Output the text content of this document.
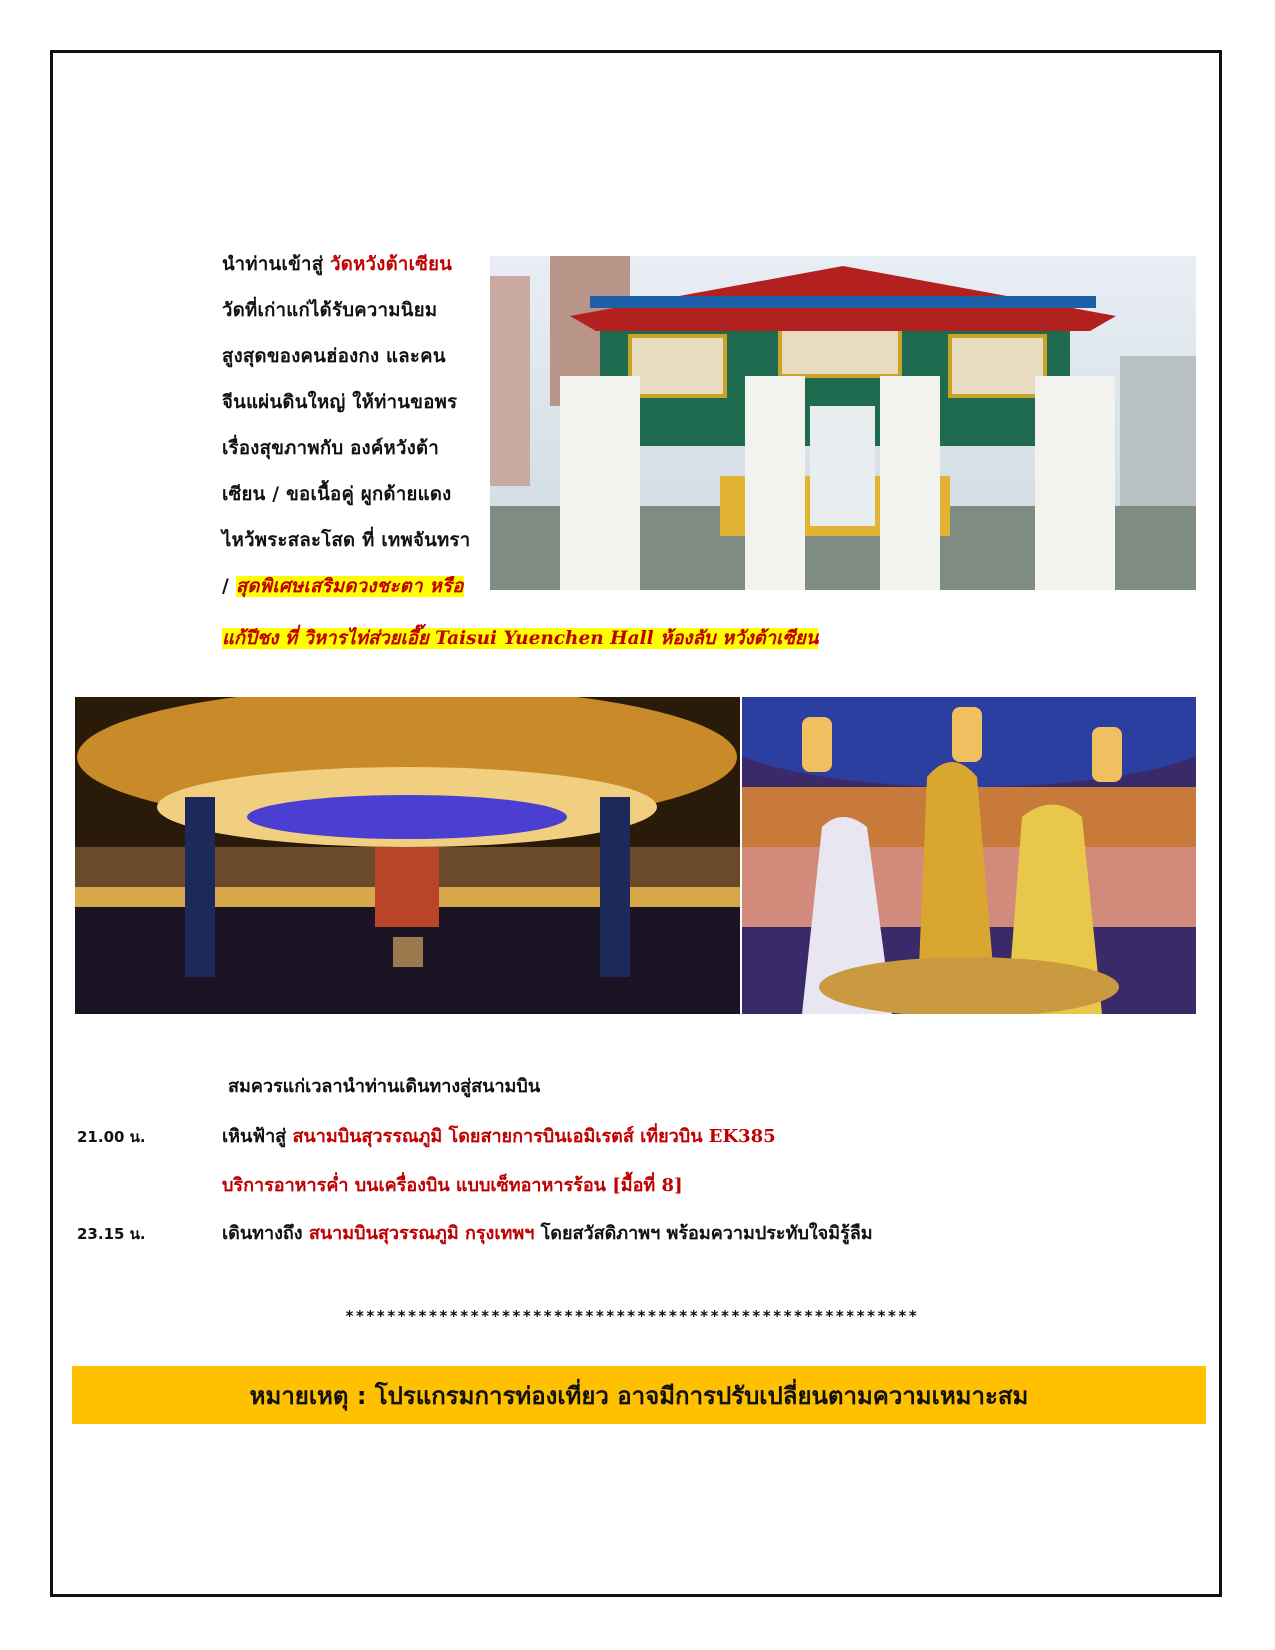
นำท่านเข้าสู่ วัดหวังต้าเซียน
วัดที่เก่าแก่ได้รับความนิยม
สูงสุดของคนฮ่องกง และคน
จีนแผ่นดินใหญ่ ให้ท่านขอพร
เรื่องสุขภาพกับ องค์หวังต้า
เซียน / ขอเนื้อคู่ ผูกด้ายแดง
ไหว้พระสละโสด ที่ เทพจันทรา
/ สุดพิเศษเสริมดวงชะตา หรือ
แก้ปีชง ที่ วิหารไท่ส่วยเอี๊ย Taisui Yuenchen Hall ห้องลับ หวังต้าเซียน
สมควรแก่เวลานำท่านเดินทางสู่สนามบิน
21.00 น.	เหินฟ้าสู่ สนามบินสุวรรณภูมิ โดยสายการบินเอมิเรตส์ เที่ยวบิน EK385
บริการอาหารค่ำ บนเครื่องบิน แบบเซ็ทอาหารร้อน [มื้อที่ 8]
23.15 น.	เดินทางถึง สนามบินสุวรรณภูมิ กรุงเทพฯ โดยสวัสดิภาพฯ พร้อมความประทับใจมิรู้ลืม
*******************************************************
หมายเหตุ : โปรแกรมการท่องเที่ยว อาจมีการปรับเปลี่ยนตามความเหมาะสม
